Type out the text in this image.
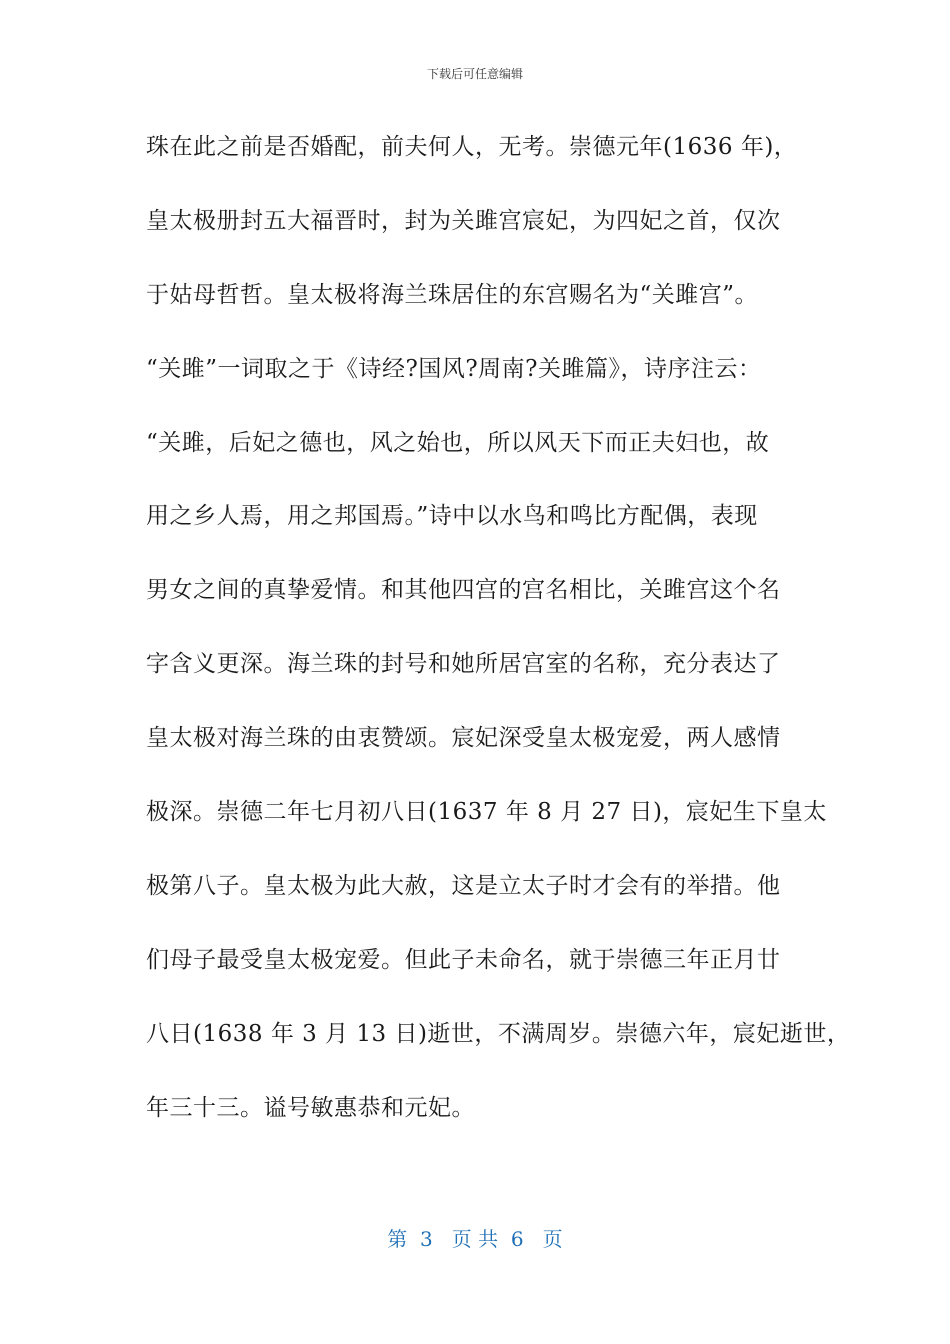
下载后可任意编辑
珠在此之前是否婚配，前夫何人，无考。崇德元年(1636 年)，
皇太极册封五大福晋时，封为关雎宫宸妃，为四妃之首，仅次
于姑母哲哲。皇太极将海兰珠居住的东宫赐名为“关雎宫”。
“关雎”一词取之于《诗经?国风?周南?关雎篇》，诗序注云：
“关雎，后妃之德也，风之始也，所以风天下而正夫妇也，故
用之乡人焉，用之邦国焉。”诗中以水鸟和鸣比方配偶，表现
男女之间的真挚爱情。和其他四宫的宫名相比，关雎宫这个名
字含义更深。海兰珠的封号和她所居宫室的名称，充分表达了
皇太极对海兰珠的由衷赞颂。宸妃深受皇太极宠爱，两人感情
极深。崇德二年七月初八日(1637 年 8 月 27 日)，宸妃生下皇太
极第八子。皇太极为此大赦，这是立太子时才会有的举措。他
们母子最受皇太极宠爱。但此子未命名，就于崇德三年正月廿
八日(1638 年 3 月 13 日)逝世，不满周岁。崇德六年，宸妃逝世，
年三十三。谥号敏惠恭和元妃。
第  3   页 共  6   页
